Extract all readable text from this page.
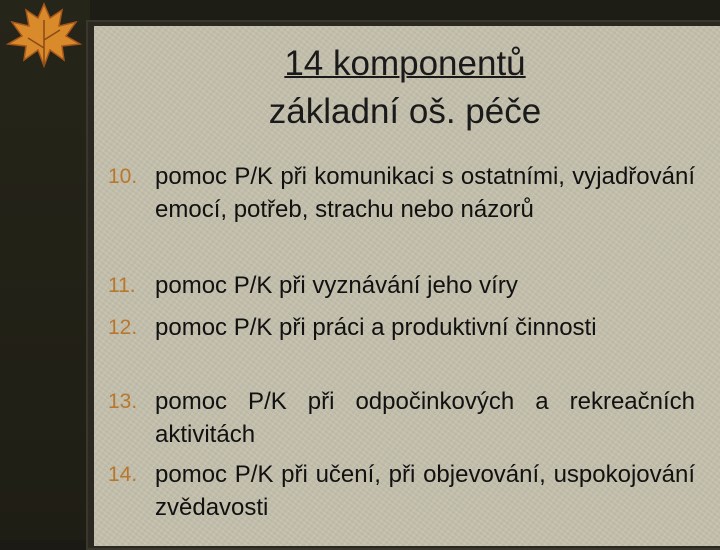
14 komponentů
základní oš. péče
10. pomoc P/K při komunikaci s ostatními, vyjadřování emocí, potřeb, strachu nebo názorů
11. pomoc P/K při vyznávání jeho víry
12. pomoc P/K při práci a produktivní činnosti
13. pomoc P/K při odpočinkových a rekreačních aktivitách
14. pomoc P/K při učení, při objevování, uspokojování zvědavosti
